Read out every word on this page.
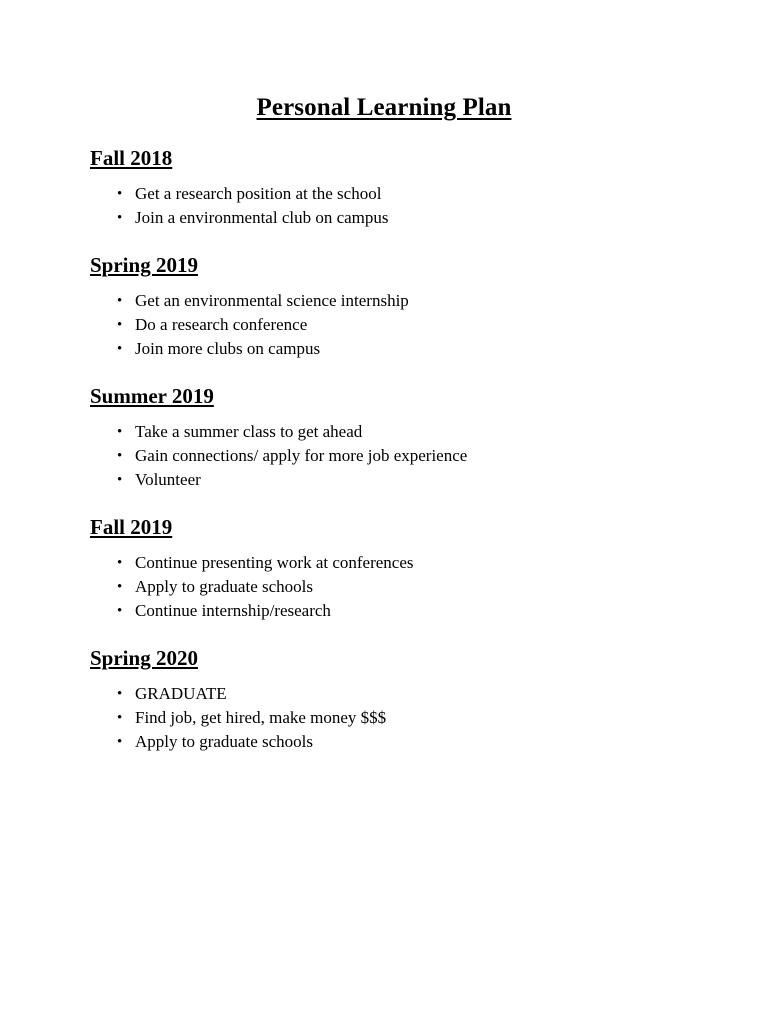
Personal Learning Plan
Fall 2018
• Get a research position at the school
• Join a environmental club on campus
Spring 2019
• Get an environmental science internship
• Do a research conference
• Join more clubs on campus
Summer 2019
• Take a summer class to get ahead
• Gain connections/ apply for more job experience
• Volunteer
Fall 2019
• Continue presenting work at conferences
• Apply to graduate schools
• Continue internship/research
Spring 2020
• GRADUATE
• Find job, get hired, make money $$$
• Apply to graduate schools
